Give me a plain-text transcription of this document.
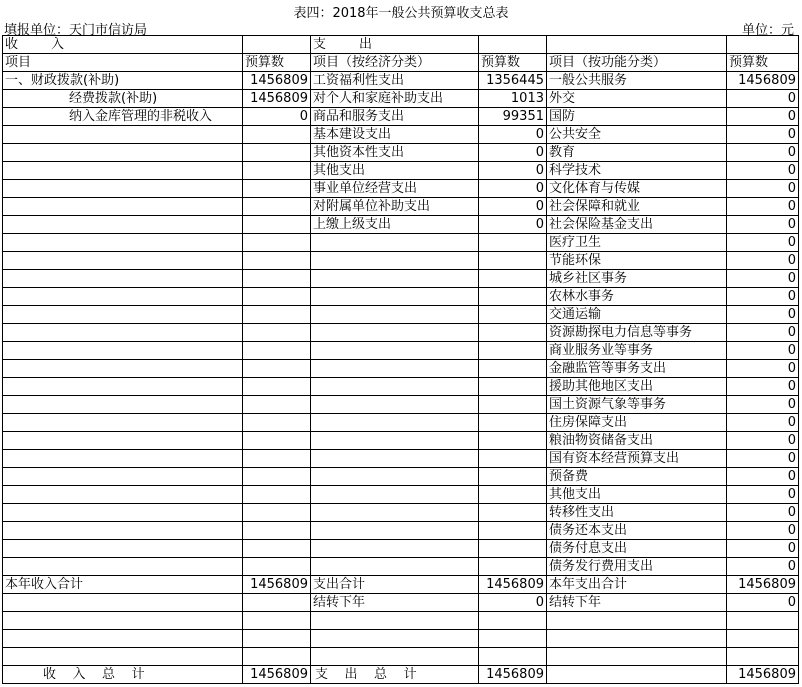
表四：2018年一般公共预算收支总表
填报单位：天门市信访局	单位：元
收        入		支        出			
项目	预算数	项目（按经济分类）	预算数	项目（按功能分类）	预算数
一、财政拨款(补助)	1456809	工资福利性支出	1356445	一般公共服务	1456809
经费拨款(补助)	1456809	对个人和家庭补助支出	1013	外交	0
纳入金库管理的非税收入	0	商品和服务支出	99351	国防	0
		基本建设支出	0	公共安全	0
		其他资本性支出	0	教育	0
		其他支出	0	科学技术	0
		事业单位经营支出	0	文化体育与传媒	0
		对附属单位补助支出	0	社会保障和就业	0
		上缴上级支出	0	社会保险基金支出	0
				医疗卫生	0
				节能环保	0
				城乡社区事务	0
				农林水事务	0
				交通运输	0
				资源勘探电力信息等事务	0
				商业服务业等事务	0
				金融监管等事务支出	0
				援助其他地区支出	0
				国土资源气象等事务	0
				住房保障支出	0
				粮油物资储备支出	0
				国有资本经营预算支出	0
				预备费	0
				其他支出	0
				转移性支出	0
				债务还本支出	0
				债务付息支出	0
				债务发行费用支出	0
本年收入合计	1456809	支出合计	1456809	本年支出合计	1456809
		结转下年	0	结转下年	0

收    入    总    计	1456809	支    出    总    计	1456809		1456809
